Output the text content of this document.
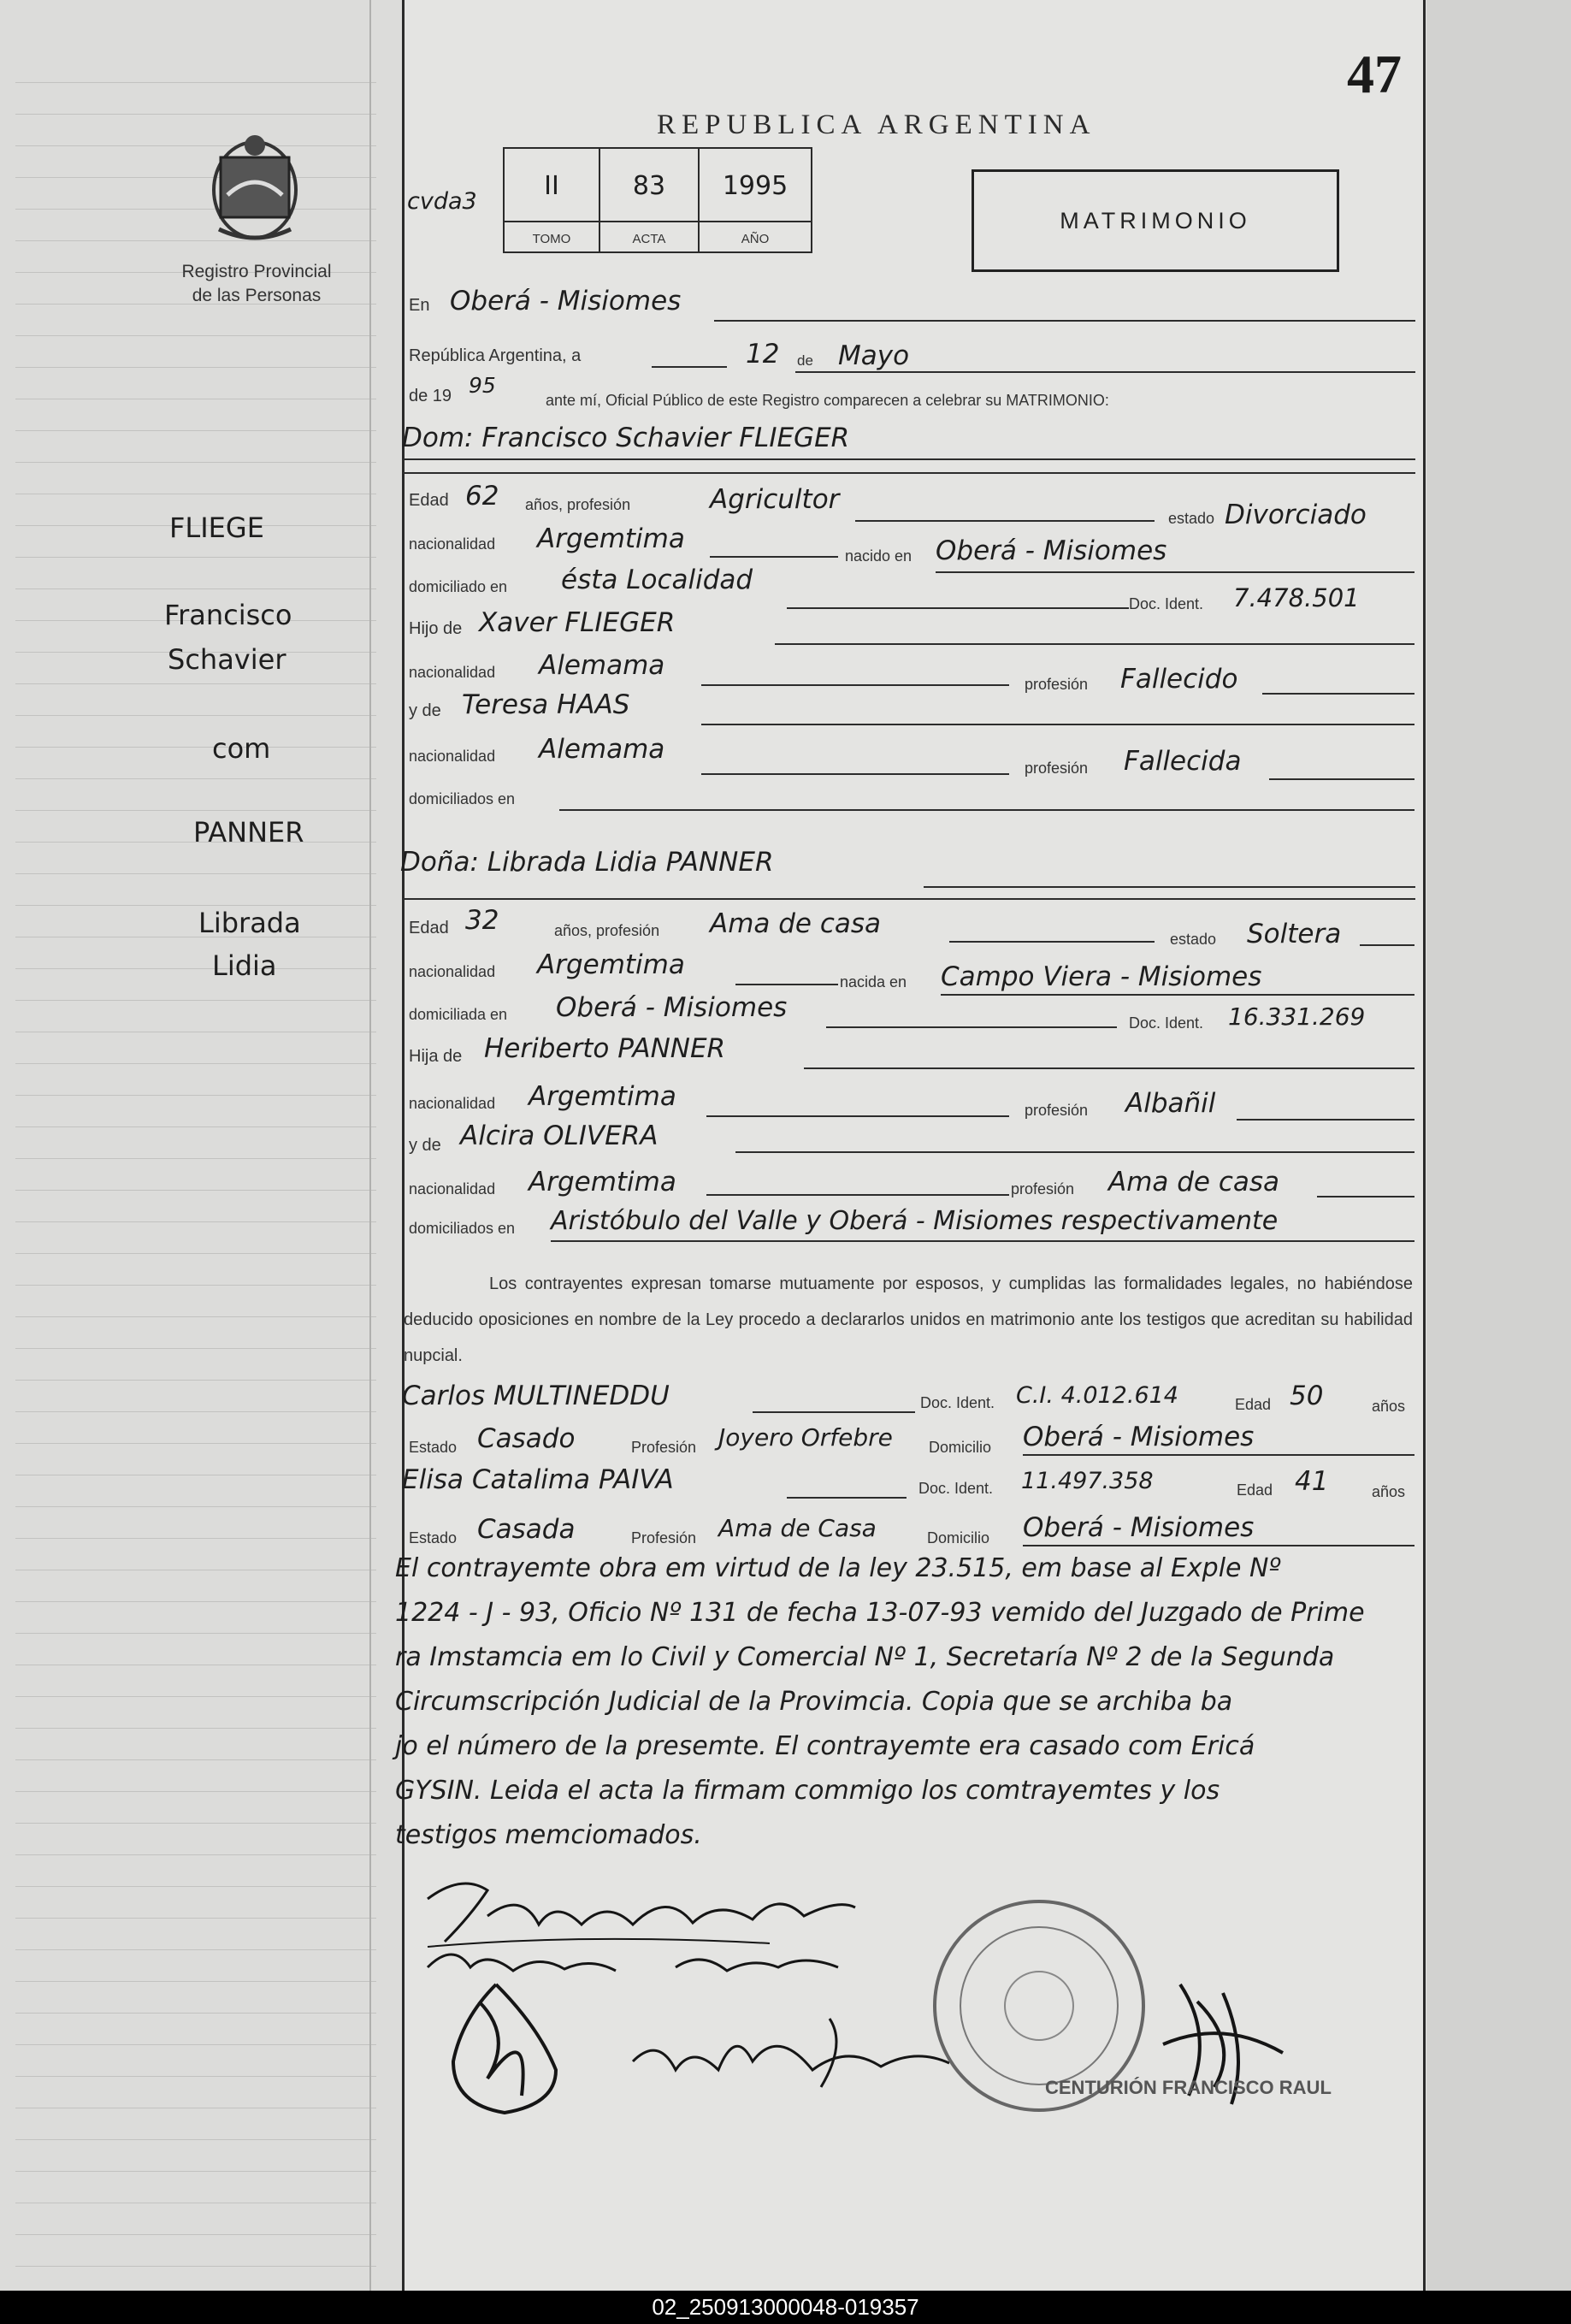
47
REPUBLICA ARGENTINA
Registro Provincial
de las Personas
cvda3
II
TOMO
83
ACTA
1995
AÑO
MATRIMONIO
FLIEGE
Francisco
Schavier
com
PANNER
Librada
Lidia
En Oberá - Misiomes
República Argentina, a	12 de Mayo
de 19 95
ante mí, Oficial Público de este Registro comparecen a celebrar su MATRIMONIO:
Dom: Francisco Schavier FLIEGER
Edad 62 años, profesión	Agricultor
estado Divorciado
nacionalidad Argemtima
nacido en Oberá - Misiomes
domiciliado en ésta Localidad
Doc. Ident. 7.478.501
Hijo de Xaver FLIEGER
nacionalidad Alemama
profesión Fallecido
y de Teresa HAAS
nacionalidad Alemama
profesión Fallecida
domiciliados en
Doña: Librada Lidia PANNER
Edad 32	años, profesión Ama de casa	estado Soltera
nacionalidad Argemtima
nacida en Campo Viera - Misiomes
domiciliada en Oberá - Misiomes	Doc. Ident. 16.331.269
Hija de Heriberto PANNER
nacionalidad Argemtima	profesión Albañil
y de Alcira OLIVERA
nacionalidad Argemtima	profesión Ama de casa
domiciliados en Aristóbulo del Valle y Oberá - Misiomes respectivamente
Los contrayentes expresan tomarse mutuamente por esposos, y cumplidas las formalidades legales, no habiéndose deducido oposiciones en nombre de la Ley procedo a declararlos unidos en matrimonio ante los testigos que acreditan su habilidad nupcial.
Carlos MULTINEDDU	Doc. Ident. C.I. 4.012.614	Edad 50	años
Estado Casado	Profesión Joyero Orfebre Domicilio Oberá - Misiomes
Elisa Catalima PAIVA	Doc. Ident. 11.497.358	Edad 41	años
Estado Casada	Profesión Ama de Casa	Domicilio Oberá - Misiomes
El contrayemte obra em virtud de la ley 23.515, em base al Exple Nº
1224 - J - 93, Oficio Nº 131 de fecha 13-07-93 vemido del Juzgado de Prime
ra Imstamcia em lo Civil y Comercial Nº 1, Secretaría Nº 2 de la Segunda
Circumscripción Judicial de la Provimcia. Copia que se archiba ba
jo el número de la presemte. El contrayemte era casado com Ericá
GYSIN. Leida el acta la firmam commigo los comtrayemtes y los
testigos memciomados.
CENTURIÓN FRANCISCO RAUL
02_250913000048-019357
